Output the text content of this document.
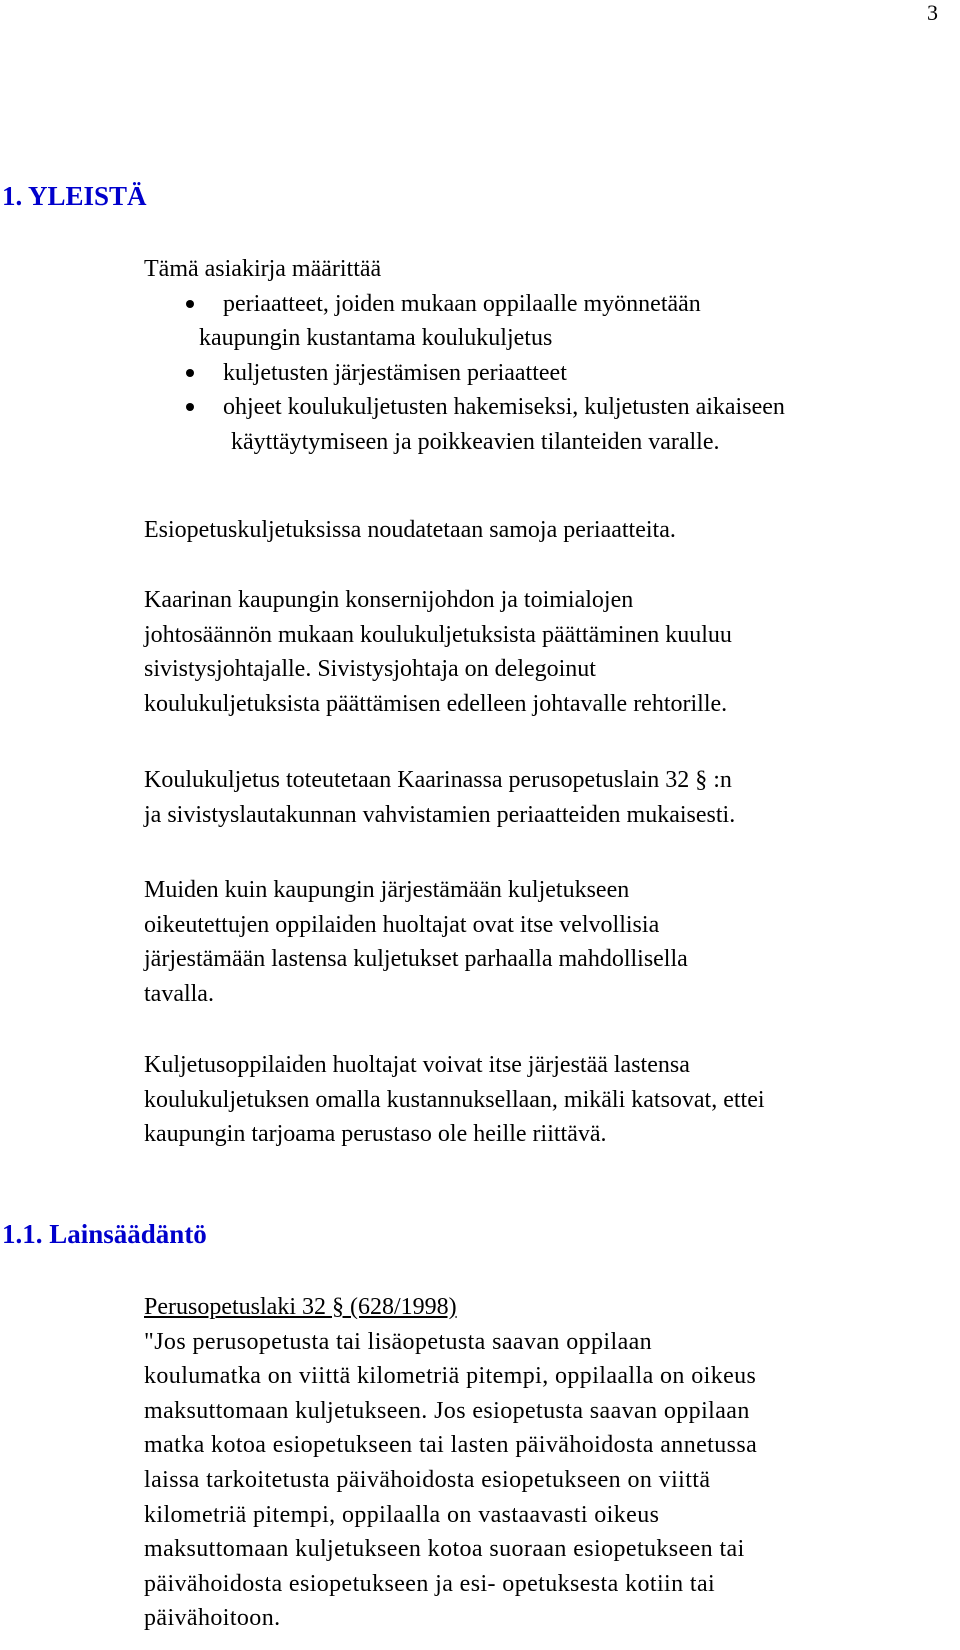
3
1. YLEISTÄ

Tämä asiakirja määrittää

periaatteet, joiden mukaan oppilaalle myönnetään
kaupungin kustantama koulukuljetus
kuljetusten järjestämisen periaatteet
ohjeet koulukuljetusten hakemiseksi, kuljetusten aikaiseen
käyttäytymiseen ja poikkeavien tilanteiden varalle.

Esiopetuskuljetuksissa noudatetaan samoja periaatteita.

Kaarinan kaupungin konsernijohdon ja toimialojen

johtosäännön mukaan koulukuljetuksista päättäminen kuuluu

sivistysjohtajalle. Sivistysjohtaja on delegoinut

koulukuljetuksista päättämisen edelleen johtavalle rehtorille.

Koulukuljetus toteutetaan Kaarinassa perusopetuslain 32 § :n

ja sivistyslautakunnan vahvistamien periaatteiden mukaisesti.

Muiden kuin kaupungin järjestämään kuljetukseen

oikeutettujen oppilaiden huoltajat ovat itse velvollisia

järjestämään lastensa kuljetukset parhaalla mahdollisella

tavalla.

Kuljetusoppilaiden huoltajat voivat itse järjestää lastensa

koulukuljetuksen omalla kustannuksellaan, mikäli katsovat, ettei

kaupungin tarjoama perustaso ole heille riittävä.

1.1. Lainsäädäntö

Perusopetuslaki 32 § (628/1998)

"Jos perusopetusta tai lisäopetusta saavan oppilaan

koulumatka on viittä kilometriä pitempi, oppilaalla on oikeus

maksuttomaan kuljetukseen. Jos esiopetusta saavan oppilaan

matka kotoa esiopetukseen tai lasten päivähoidosta annetussa

laissa tarkoitetusta päivähoidosta esiopetukseen on viittä

kilometriä pitempi, oppilaalla on vastaavasti oikeus

maksuttomaan kuljetukseen kotoa suoraan esiopetukseen tai

päivähoidosta esiopetukseen ja esi- opetuksesta kotiin tai

päivähoitoon.
